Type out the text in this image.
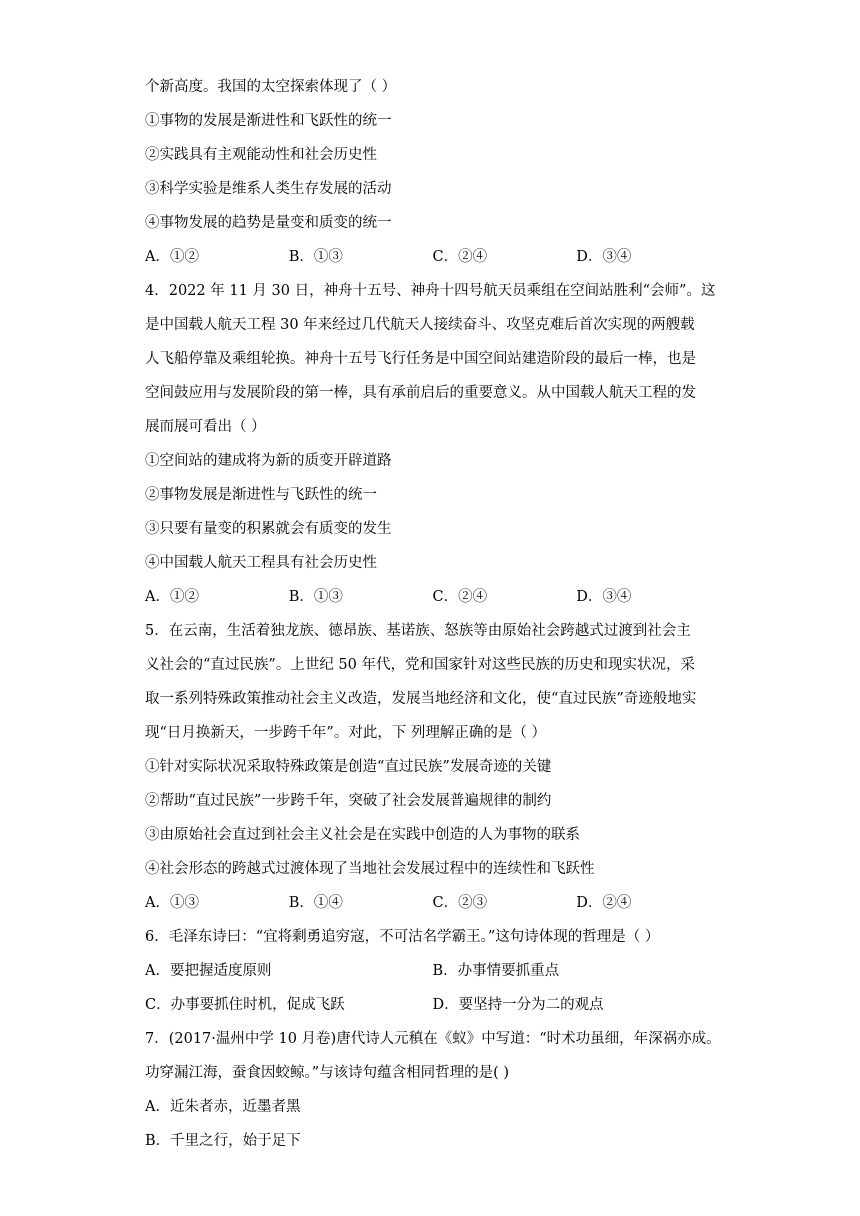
个新高度。我国的太空探索体现了（ ）
①事物的发展是渐进性和飞跃性的统一
②实践具有主观能动性和社会历史性
③科学实验是维系人类生存发展的活动
④事物发展的趋势是量变和质变的统一
A．①②	B．①③	C．②④	D．③④
4．2022 年 11 月 30 日，神舟十五号、神舟十四号航天员乘组在空间站胜利“会师”。这
是中国载人航天工程 30 年来经过几代航天人接续奋斗、攻坚克难后首次实现的两艘载
人飞船停靠及乘组轮换。神舟十五号飞行任务是中国空间站建造阶段的最后一棒，也是
空间鼓应用与发展阶段的第一棒，具有承前启后的重要意义。从中国载人航天工程的发
展而展可看出（ ）
①空间站的建成将为新的质变开辟道路
②事物发展是渐进性与飞跃性的统一
③只要有量变的积累就会有质变的发生
④中国载人航天工程具有社会历史性
A．①②	B．①③	C．②④	D．③④
5．在云南，生活着独龙族、德昂族、基诺族、怒族等由原始社会跨越式过渡到社会主
义社会的“直过民族”。上世纪 50 年代，党和国家针对这些民族的历史和现实状况，采
取一系列特殊政策推动社会主义改造，发展当地经济和文化，使“直过民族”奇迹般地实
现“日月换新天，一步跨千年”。对此，下 列理解正确的是（ ）
①针对实际状况采取特殊政策是创造“直过民族”发展奇迹的关键
②帮助“直过民族”一步跨千年，突破了社会发展普遍规律的制约
③由原始社会直过到社会主义社会是在实践中创造的人为事物的联系
④社会形态的跨越式过渡体现了当地社会发展过程中的连续性和飞跃性
A．①③	B．①④	C．②③	D．②④
6．毛泽东诗曰：“宜将剩勇追穷寇，不可沽名学霸王。”这句诗体现的哲理是（ ）
A．要把握适度原则	B．办事情要抓重点
C．办事要抓住时机，促成飞跃	D．要坚持一分为二的观点
7．(2017·温州中学 10 月卷)唐代诗人元稹在《蚁》中写道：“时术功虽细，年深祸亦成。
功穿漏江海，蚕食因蛟鲸。”与该诗句蕴含相同哲理的是( )
A．近朱者赤，近墨者黑
B．千里之行，始于足下
